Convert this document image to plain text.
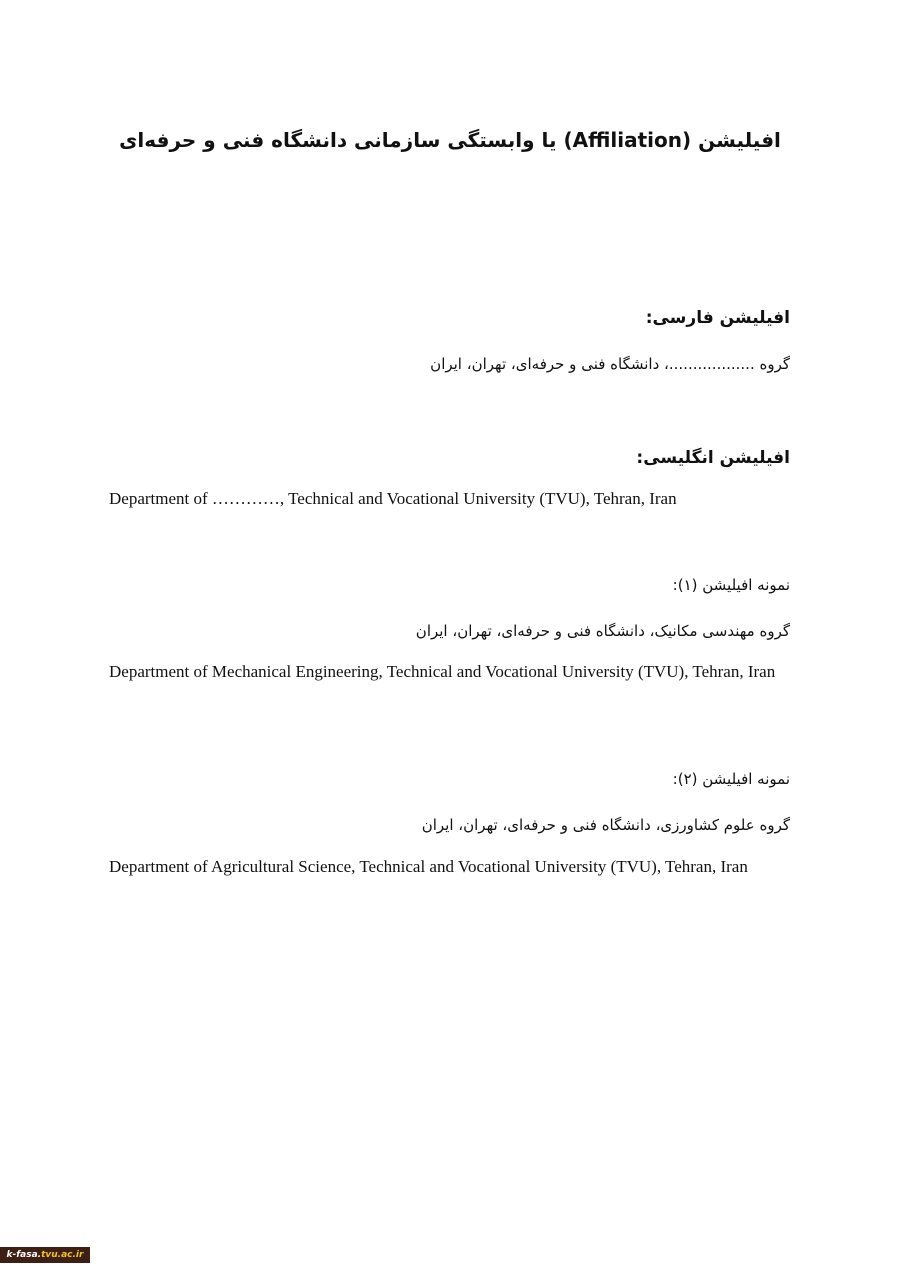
افیلیشن (Affiliation) یا وابستگی سازمانی دانشگاه فنی و حرفه‌ای
افیلیشن فارسی:
گروه ..................، دانشگاه فنی و حرفه‌ای، تهران، ایران
افیلیشن انگلیسی:
Department of …………, Technical and Vocational University (TVU), Tehran, Iran
نمونه افیلیشن (۱):
گروه مهندسی مکانیک، دانشگاه فنی و حرفه‌ای، تهران، ایران
Department of Mechanical Engineering, Technical and Vocational University (TVU), Tehran, Iran
نمونه افیلیشن (۲):
گروه علوم کشاورزی، دانشگاه فنی و حرفه‌ای، تهران، ایران
Department of Agricultural Science, Technical and Vocational University (TVU), Tehran, Iran
k-fasa.tvu.ac.ir
